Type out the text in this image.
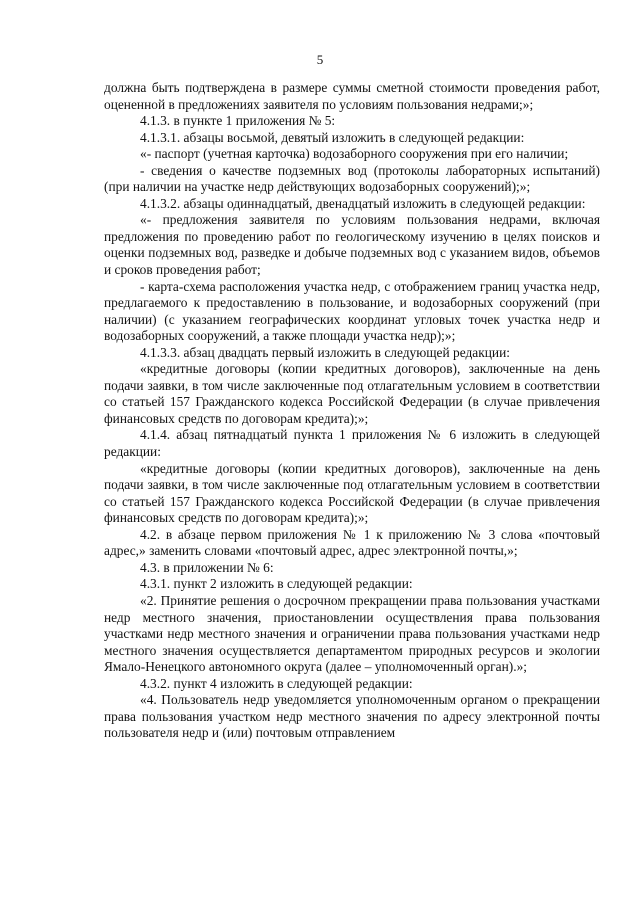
5

должна быть подтверждена в размере суммы сметной стоимости проведения работ, оцененной в предложениях заявителя по условиям пользования недрами;»;

4.1.3. в пункте 1 приложения № 5:

4.1.3.1. абзацы восьмой, девятый изложить в следующей редакции:

«- паспорт (учетная карточка) водозаборного сооружения при его наличии;

- сведения о качестве подземных вод (протоколы лабораторных испытаний) (при наличии на участке недр действующих водозаборных сооружений);»;

4.1.3.2. абзацы одиннадцатый, двенадцатый изложить в следующей редакции:

«- предложения заявителя по условиям пользования недрами, включая предложения по проведению работ по геологическому изучению в целях поисков и оценки подземных вод, разведке и добыче подземных вод с указанием видов, объемов и сроков проведения работ;

- карта-схема расположения участка недр, с отображением границ участка недр, предлагаемого к предоставлению в пользование, и водозаборных сооружений (при наличии) (с указанием географических координат угловых точек участка недр и водозаборных сооружений, а также площади участка недр);»;

4.1.3.3. абзац двадцать первый изложить в следующей редакции:

«кредитные договоры (копии кредитных договоров), заключенные на день подачи заявки, в том числе заключенные под отлагательным условием в соответствии со статьей 157 Гражданского кодекса Российской Федерации (в случае привлечения финансовых средств по договорам кредита);»;

4.1.4. абзац пятнадцатый пункта 1 приложения № 6 изложить в следующей редакции:

«кредитные договоры (копии кредитных договоров), заключенные на день подачи заявки, в том числе заключенные под отлагательным условием в соответствии со статьей 157 Гражданского кодекса Российской Федерации (в случае привлечения финансовых средств по договорам кредита);»;

4.2. в абзаце первом приложения № 1 к приложению № 3 слова «почтовый адрес,» заменить словами «почтовый адрес, адрес электронной почты,»;

4.3. в приложении № 6:

4.3.1. пункт 2 изложить в следующей редакции:

«2. Принятие решения о досрочном прекращении права пользования участками недр местного значения, приостановлении осуществления права пользования участками недр местного значения и ограничении права пользования участками недр местного значения осуществляется департаментом природных ресурсов и экологии Ямало-Ненецкого автономного округа (далее – уполномоченный орган).»;

4.3.2. пункт 4 изложить в следующей редакции:

«4. Пользователь недр уведомляется уполномоченным органом о прекращении права пользования участком недр местного значения по адресу электронной почты пользователя недр и (или) почтовым отправлением
